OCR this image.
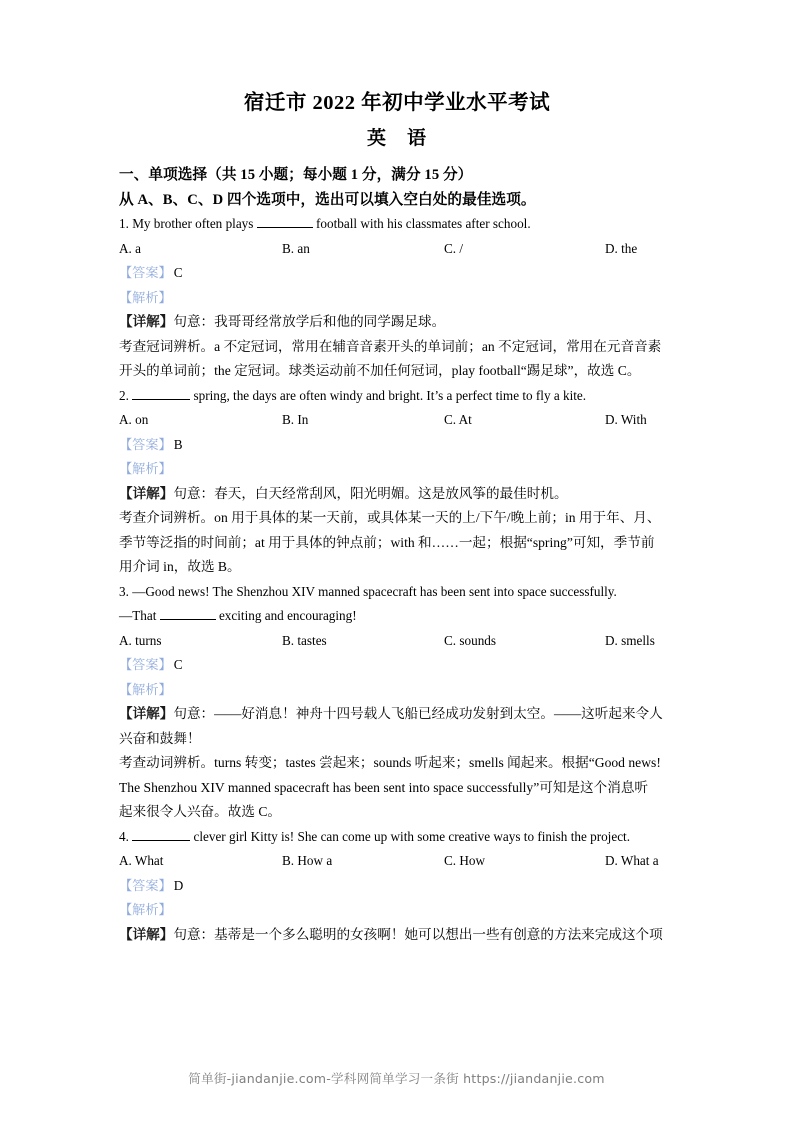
宿迁市 2022 年初中学业水平考试
英　语
一、单项选择（共 15 小题；每小题 1 分，满分 15 分）
从 A、B、C、D 四个选项中，选出可以填入空白处的最佳选项。
1. My brother often plays	football with his classmates after school.
A. a	B. an	C. /	D. the
【答案】 C
【解析】
【详解】句意：我哥哥经常放学后和他的同学踢足球。
考查冠词辨析。a 不定冠词，常用在辅音音素开头的单词前；an 不定冠词，常用在元音音素
开头的单词前；the 定冠词。球类运动前不加任何冠词，play football“踢足球”，故选 C。
2.	spring, the days are often windy and bright. It’s a perfect time to fly a kite.
A. on	B. In	C. At	D. With
【答案】 B
【解析】
【详解】句意：春天，白天经常刮风，阳光明媚。这是放风筝的最佳时机。
考查介词辨析。on 用于具体的某一天前，或具体某一天的上/下午/晚上前；in 用于年、月、
季节等泛指的时间前；at 用于具体的钟点前；with 和……一起；根据“spring”可知，季节前
用介词 in，故选 B。
3. —Good news! The Shenzhou XIV manned spacecraft has been sent into space successfully.
—That	exciting and encouraging!
A. turns	B. tastes	C. sounds	D. smells
【答案】 C
【解析】
【详解】句意：——好消息！神舟十四号载人飞船已经成功发射到太空。——这听起来令人
兴奋和鼓舞！
考查动词辨析。turns 转变；tastes 尝起来；sounds 听起来；smells 闻起来。根据“Good news!
The Shenzhou XIV manned spacecraft has been sent into space successfully”可知是这个消息听
起来很令人兴奋。故选 C。
4.	clever girl Kitty is! She can come up with some creative ways to finish the project.
A. What	B. How a	C. How	D. What a
【答案】 D
【解析】
【详解】句意：基蒂是一个多么聪明的女孩啊！她可以想出一些有创意的方法来完成这个项
简单街-jiandanjie.com-学科网简单学习一条街 https://jiandanjie.com
